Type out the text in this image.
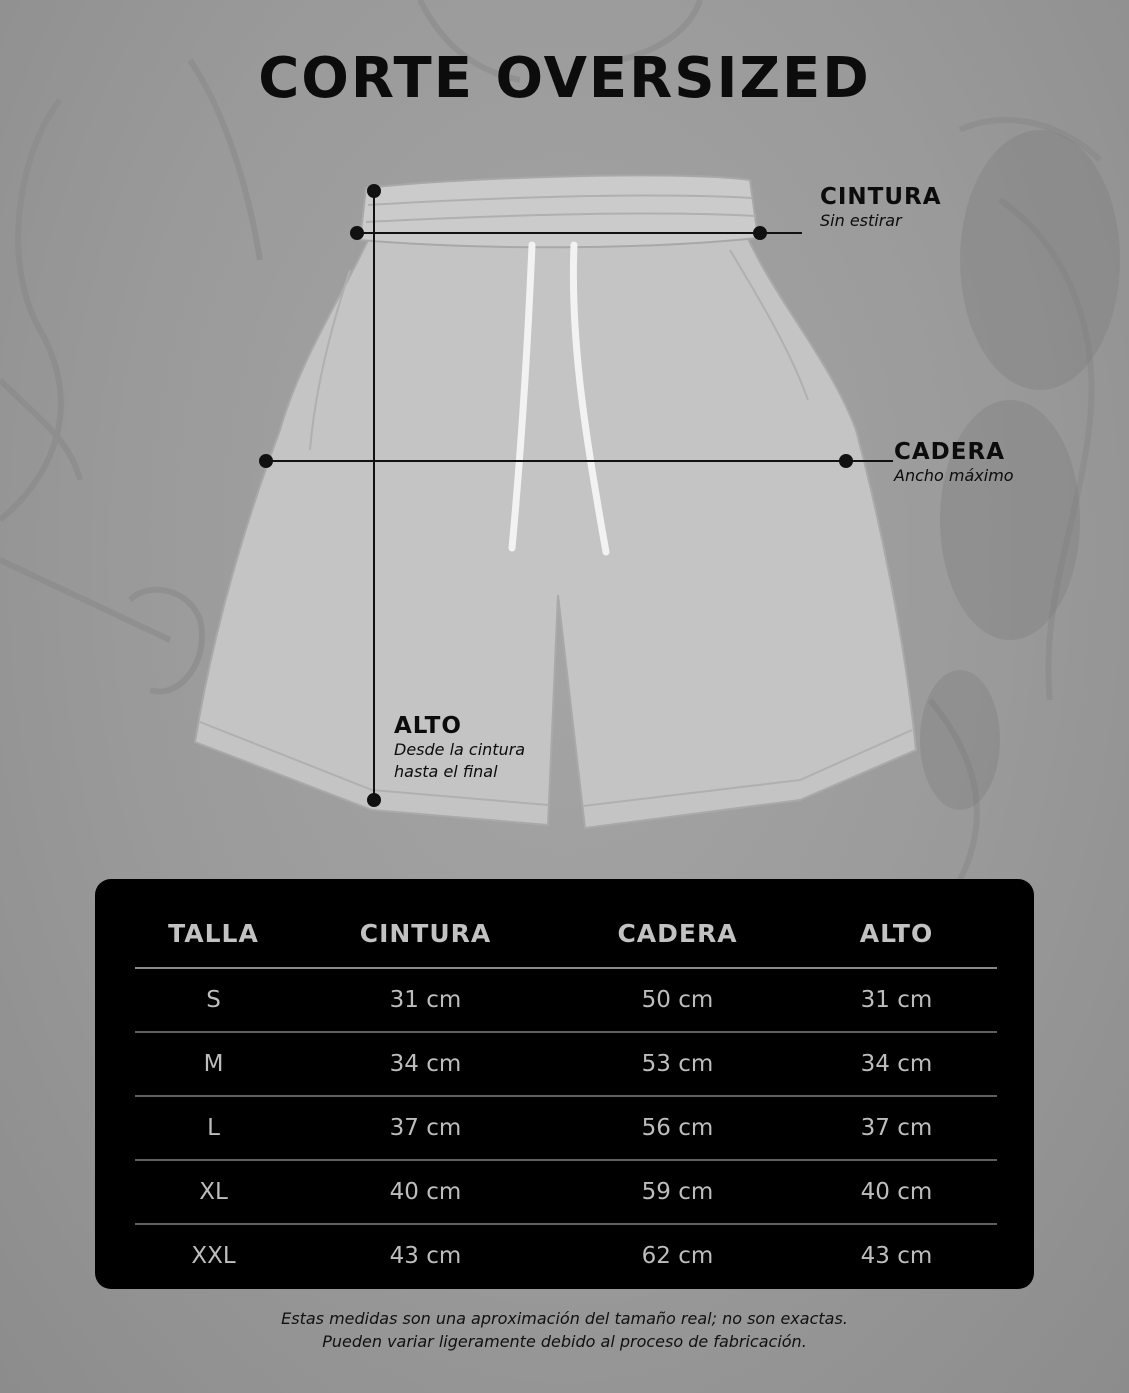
CORTE OVERSIZED
CINTURA
Sin estirar
CADERA
Ancho máximo
ALTO
Desde la cintura
hasta el final
TALLA	CINTURA	CADERA	ALTO
S	31 cm	50 cm	31 cm
M	34 cm	53 cm	34 cm
L	37 cm	56 cm	37 cm
XL	40 cm	59 cm	40 cm
XXL	43 cm	62 cm	43 cm
Estas medidas son una aproximación del tamaño real; no son exactas.
Pueden variar ligeramente debido al proceso de fabricación.
